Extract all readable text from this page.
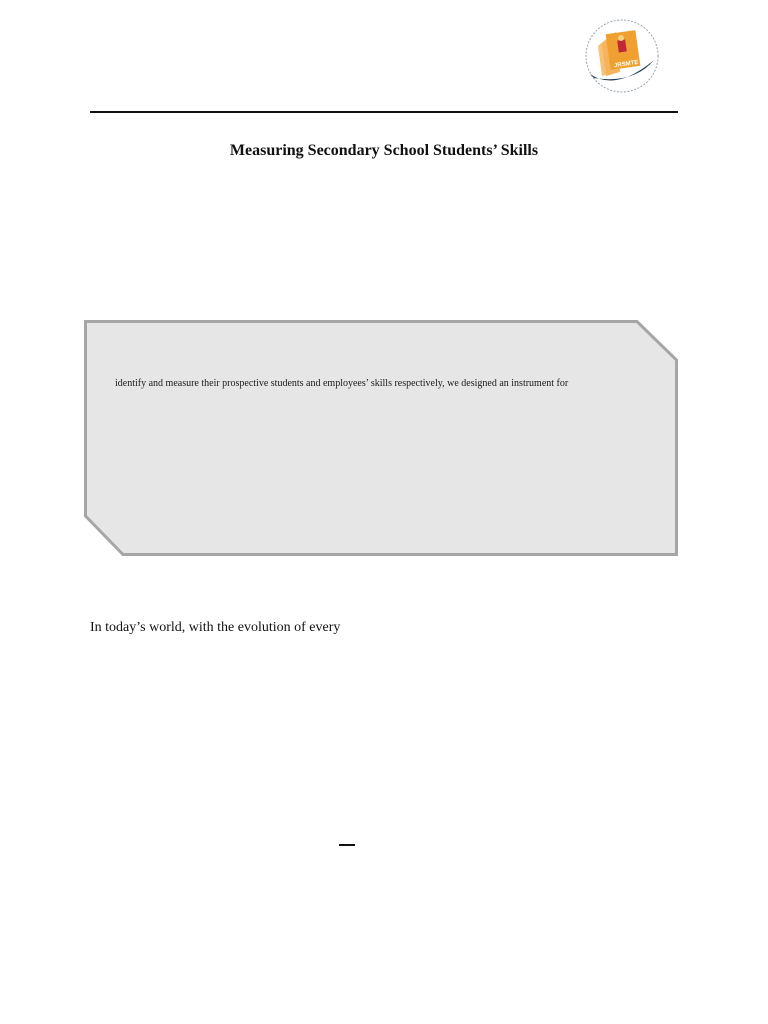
JRSMTE
Measuring Secondary School Students’ Skills
identify and measure their prospective students and employees’ skills respectively, we designed an instrument for
In today’s world, with the evolution of every
